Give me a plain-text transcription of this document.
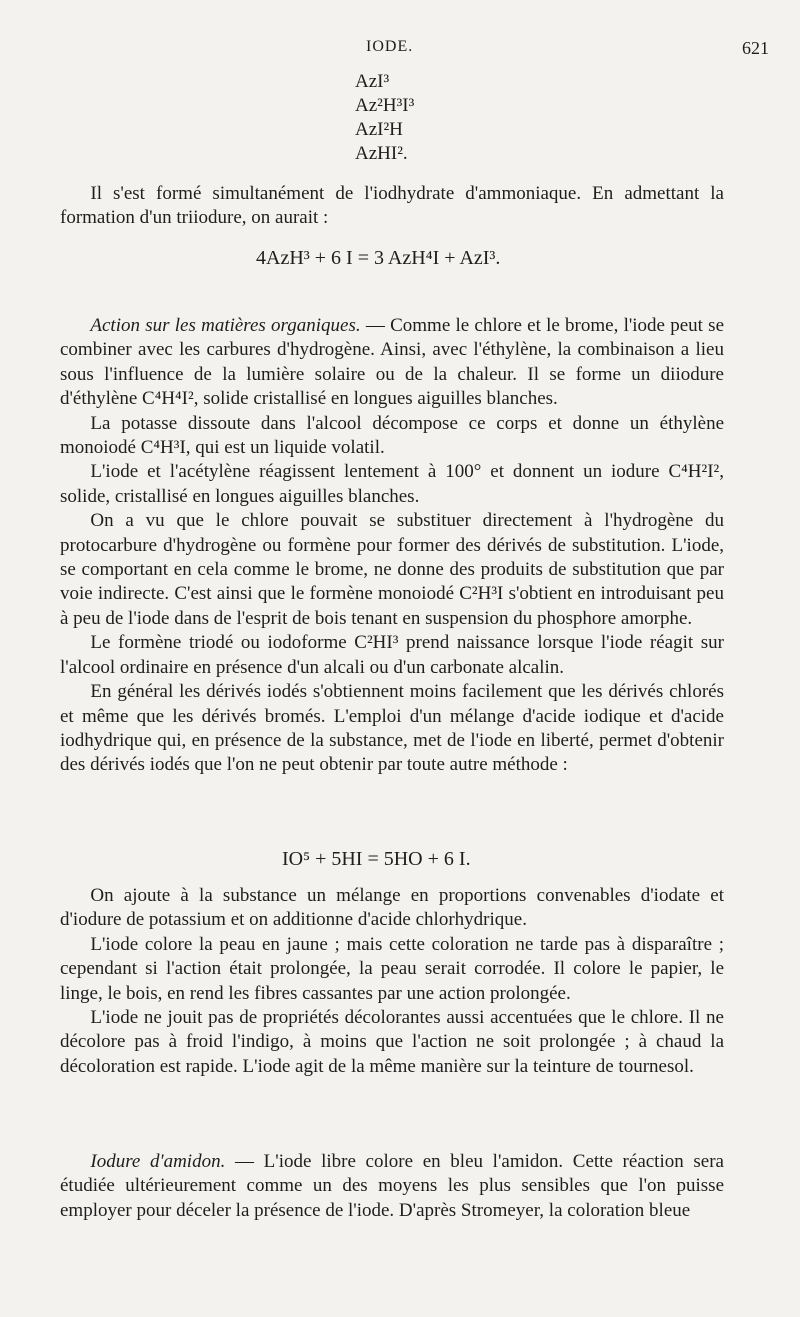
IODE.	621
AzI³
Az²H³I³
AzI²H
AzHI².

Il s'est formé simultanément de l'iodhydrate d'ammoniaque. En admettant la formation d'un triiodure, on aurait :

4AzH³ + 6 I = 3 AzH⁴I + AzI³.

Action sur les matières organiques. — Comme le chlore et le brome, l'iode peut se combiner avec les carbures d'hydrogène. Ainsi, avec l'éthylène, la combinaison a lieu sous l'influence de la lumière solaire ou de la chaleur. Il se forme un diiodure d'éthylène C⁴H⁴I², solide cristallisé en longues aiguilles blanches.

La potasse dissoute dans l'alcool décompose ce corps et donne un éthylène monoiodé C⁴H³I, qui est un liquide volatil.

L'iode et l'acétylène réagissent lentement à 100° et donnent un iodure C⁴H²I², solide, cristallisé en longues aiguilles blanches.

On a vu que le chlore pouvait se substituer directement à l'hydrogène du protocarbure d'hydrogène ou formène pour former des dérivés de substitution. L'iode, se comportant en cela comme le brome, ne donne des produits de substitution que par voie indirecte. C'est ainsi que le formène monoiodé C²H³I s'obtient en introduisant peu à peu de l'iode dans de l'esprit de bois tenant en suspension du phosphore amorphe.

Le formène triodé ou iodoforme C²HI³ prend naissance lorsque l'iode réagit sur l'alcool ordinaire en présence d'un alcali ou d'un carbonate alcalin.

En général les dérivés iodés s'obtiennent moins facilement que les dérivés chlorés et même que les dérivés bromés. L'emploi d'un mélange d'acide iodique et d'acide iodhydrique qui, en présence de la substance, met de l'iode en liberté, permet d'obtenir des dérivés iodés que l'on ne peut obtenir par toute autre méthode :

IO⁵ + 5HI = 5HO + 6 I.

On ajoute à la substance un mélange en proportions convenables d'iodate et d'iodure de potassium et on additionne d'acide chlorhydrique.

L'iode colore la peau en jaune ; mais cette coloration ne tarde pas à disparaître ; cependant si l'action était prolongée, la peau serait corrodée. Il colore le papier, le linge, le bois, en rend les fibres cassantes par une action prolongée.

L'iode ne jouit pas de propriétés décolorantes aussi accentuées que le chlore. Il ne décolore pas à froid l'indigo, à moins que l'action ne soit prolongée ; à chaud la décoloration est rapide. L'iode agit de la même manière sur la teinture de tournesol.

Iodure d'amidon. — L'iode libre colore en bleu l'amidon. Cette réaction sera étudiée ultérieurement comme un des moyens les plus sensibles que l'on puisse employer pour déceler la présence de l'iode. D'après Stromeyer, la coloration bleue
